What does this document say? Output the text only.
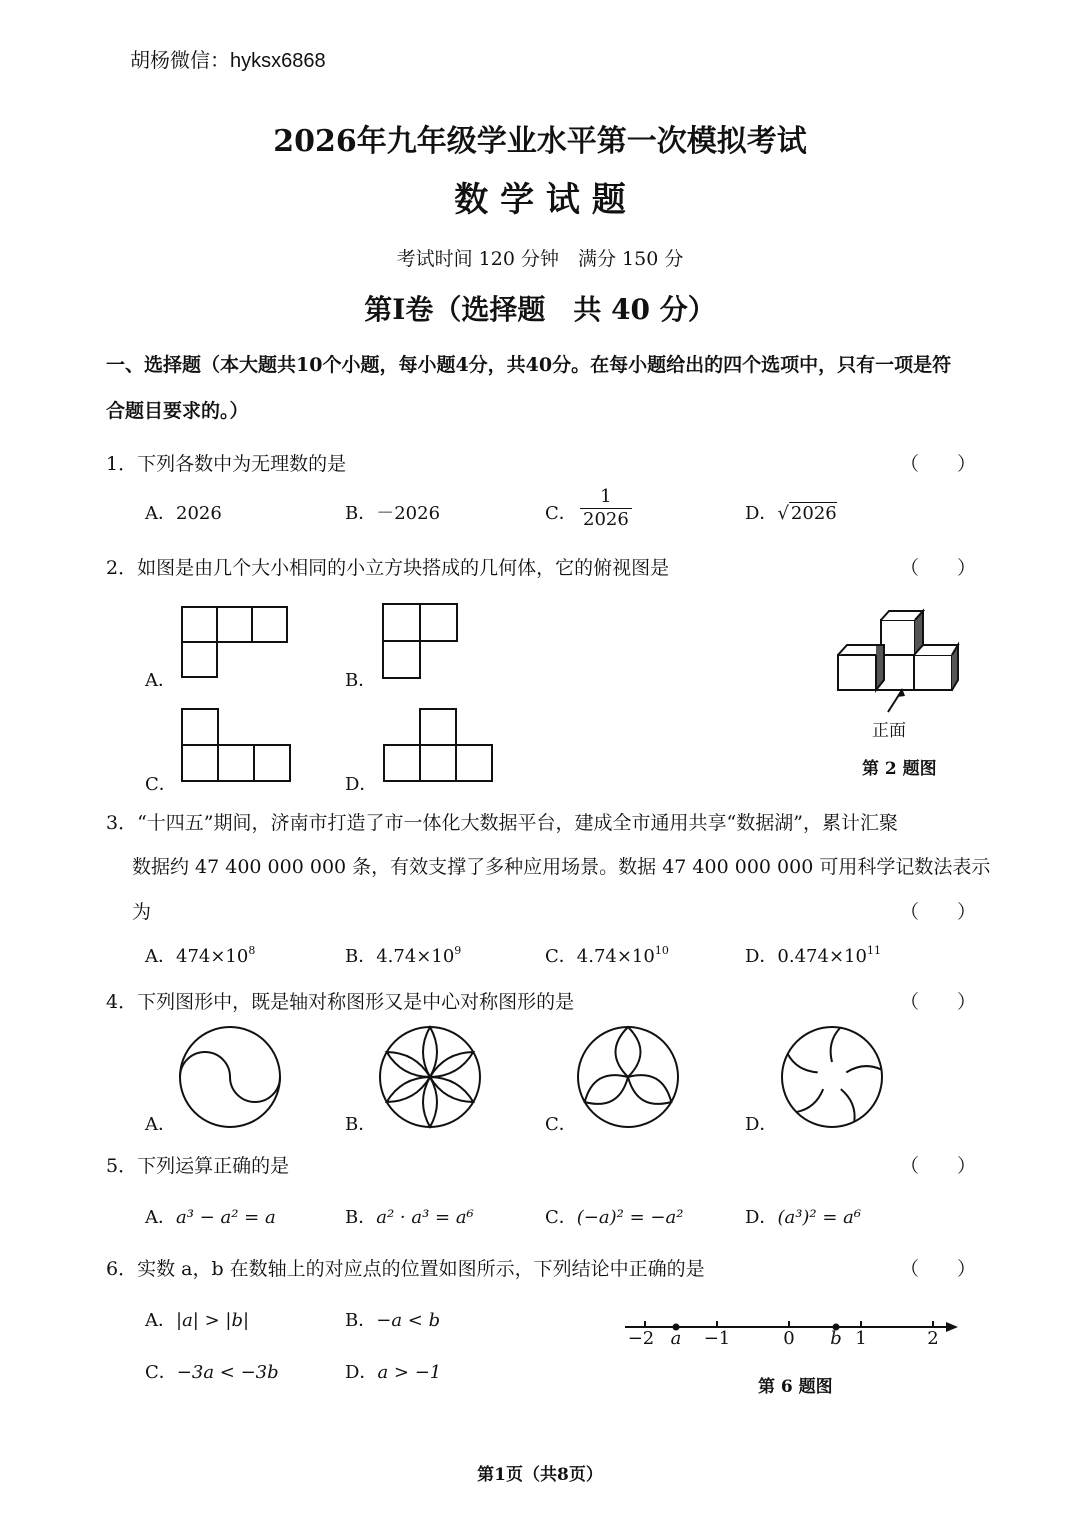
胡杨微信：hyksx6868
2026年九年级学业水平第一次模拟考试
数 学 试 题
考试时间 120 分钟　满分 150 分
第Ⅰ卷（选择题　共 40 分）
一、选择题（本大题共10个小题，每小题4分，共40分。在每小题给出的四个选项中，只有一项是符
合题目要求的。）
1．下列各数中为无理数的是	（　　）
A．2026	B．－2026	C． $\frac{1}{2026}$	D．√ 2026
2．如图是由几个大小相同的小立方块搭成的几何体，它的俯视图是	（　　）
A．	B．
C．	D．
正面
第 2 题图
3．“十四五”期间，济南市打造了市一体化大数据平台，建成全市通用共享“数据湖”，累计汇聚
数据约 47 400 000 000 条，有效支撑了多种应用场景。数据 47 400 000 000 可用科学记数法表示
为	（　　）
A．$474\times 10^8$	B．$4.74\times 10^9$	C．$4.74\times 10^{10}$	D．$0.474\times 10^{11}$
4．下列图形中，既是轴对称图形又是中心对称图形的是	（　　）
A．	B．	C．	D．
5．下列运算正确的是	（　　）
A．a³ − a² = a	B．a² · a³ = a⁶	C．(−a)² = −a²	D．(a³)² = a⁶
6．实数 a，b 在数轴上的对应点的位置如图所示，下列结论中正确的是	（　　）
A．|a| > |b|	B．−a < b
C．−3a < −3b	D．a > −1
−2 a −1	0 b 1	2
第 6 题图
第1页（共8页）
